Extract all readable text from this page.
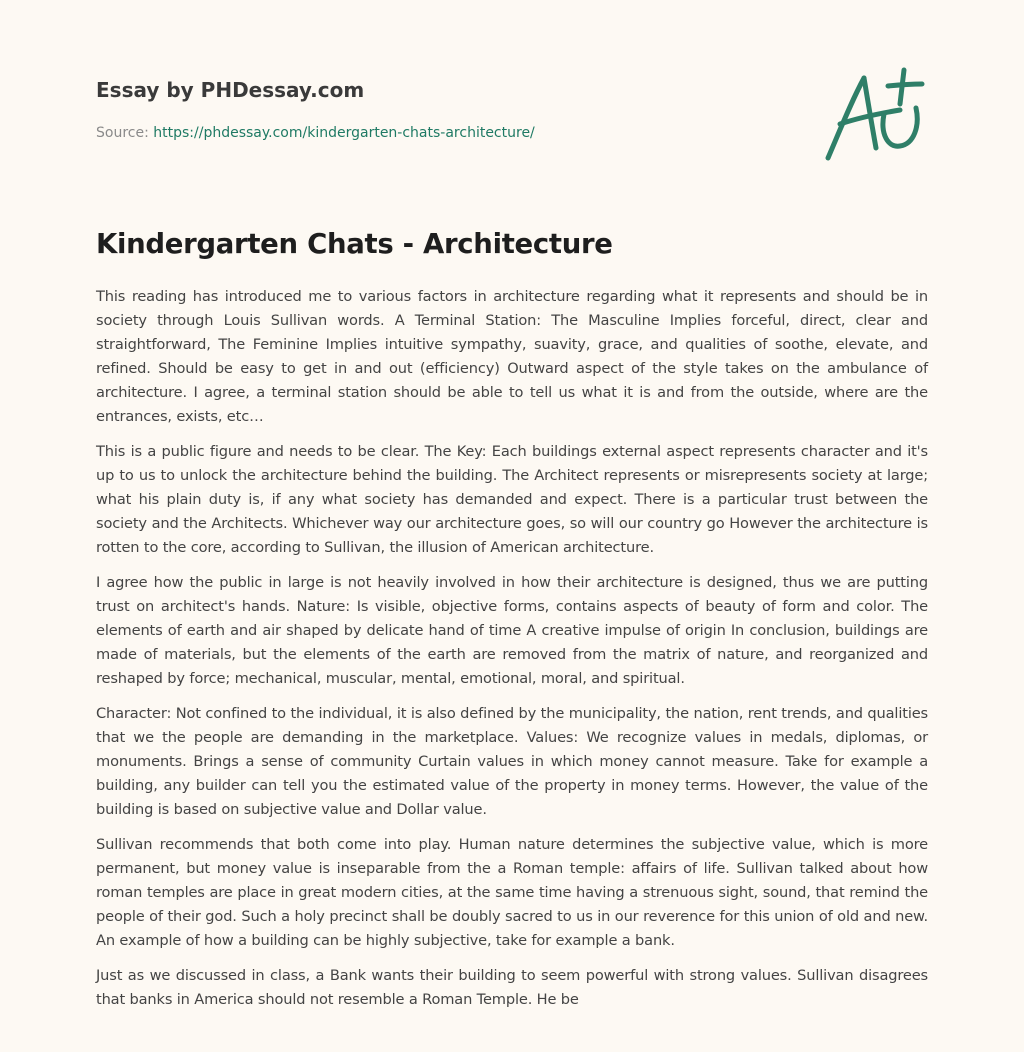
Essay by PHDessay.com
Source: https://phdessay.com/kindergarten-chats-architecture/
Kindergarten Chats - Architecture

This reading has introduced me to various factors in architecture regarding what it represents and should be in society through Louis Sullivan words. A Terminal Station: The Masculine Implies forceful, direct, clear and straightforward, The Feminine Implies intuitive sympathy, suavity, grace, and qualities of soothe, elevate, and refined. Should be easy to get in and out (efficiency) Outward aspect of the style takes on the ambulance of architecture. I agree, a terminal station should be able to tell us what it is and from the outside, where are the entrances, exists, etc…

This is a public figure and needs to be clear. The Key: Each buildings external aspect represents character and it's up to us to unlock the architecture behind the building. The Architect represents or misrepresents society at large; what his plain duty is, if any what society has demanded and expect. There is a particular trust between the society and the Architects. Whichever way our architecture goes, so will our country go However the architecture is rotten to the core, according to Sullivan, the illusion of American architecture.

I agree how the public in large is not heavily involved in how their architecture is designed, thus we are putting trust on architect's hands. Nature: Is visible, objective forms, contains aspects of beauty of form and color. The elements of earth and air shaped by delicate hand of time A creative impulse of origin In conclusion, buildings are made of materials, but the elements of the earth are removed from the matrix of nature, and reorganized and reshaped by force; mechanical, muscular, mental, emotional, moral, and spiritual.

Character: Not confined to the individual, it is also defined by the municipality, the nation, rent trends, and qualities that we the people are demanding in the marketplace. Values: We recognize values in medals, diplomas, or monuments. Brings a sense of community Curtain values in which money cannot measure. Take for example a building, any builder can tell you the estimated value of the property in money terms. However, the value of the building is based on subjective value and Dollar value.

Sullivan recommends that both come into play. Human nature determines the subjective value, which is more permanent, but money value is inseparable from the a Roman temple: affairs of life. Sullivan talked about how roman temples are place in great modern cities, at the same time having a strenuous sight, sound, that remind the people of their god. Such a holy precinct shall be doubly sacred to us in our reverence for this union of old and new. An example of how a building can be highly subjective, take for example a bank.

Just as we discussed in class, a Bank wants their building to seem powerful with strong values. Sullivan disagrees that banks in America should not resemble a Roman Temple. He be
